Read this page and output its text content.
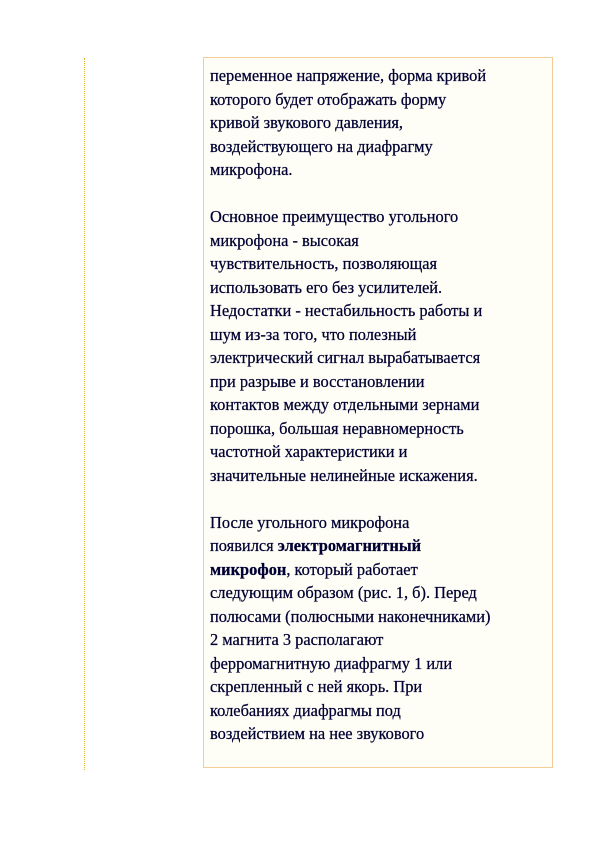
переменное напряжение, форма кривой
которого будет отображать форму
кривой звукового давления,
воздействующего на диафрагму
микрофона.
Основное преимущество угольного
микрофона - высокая
чувствительность, позволяющая
использовать его без усилителей.
Недостатки - нестабильность работы и
шум из-за того, что полезный
электрический сигнал вырабатывается
при разрыве и восстановлении
контактов между отдельными зернами
порошка, большая неравномерность
частотной характеристики и
значительные нелинейные искажения.
После угольного микрофона
появился электромагнитный
микрофон, который работает
следующим образом (рис. 1, б). Перед
полюсами (полюсными наконечниками)
2 магнита 3 располагают
ферромагнитную диафрагму 1 или
скрепленный с ней якорь. При
колебаниях диафрагмы под
воздействием на нее звукового
